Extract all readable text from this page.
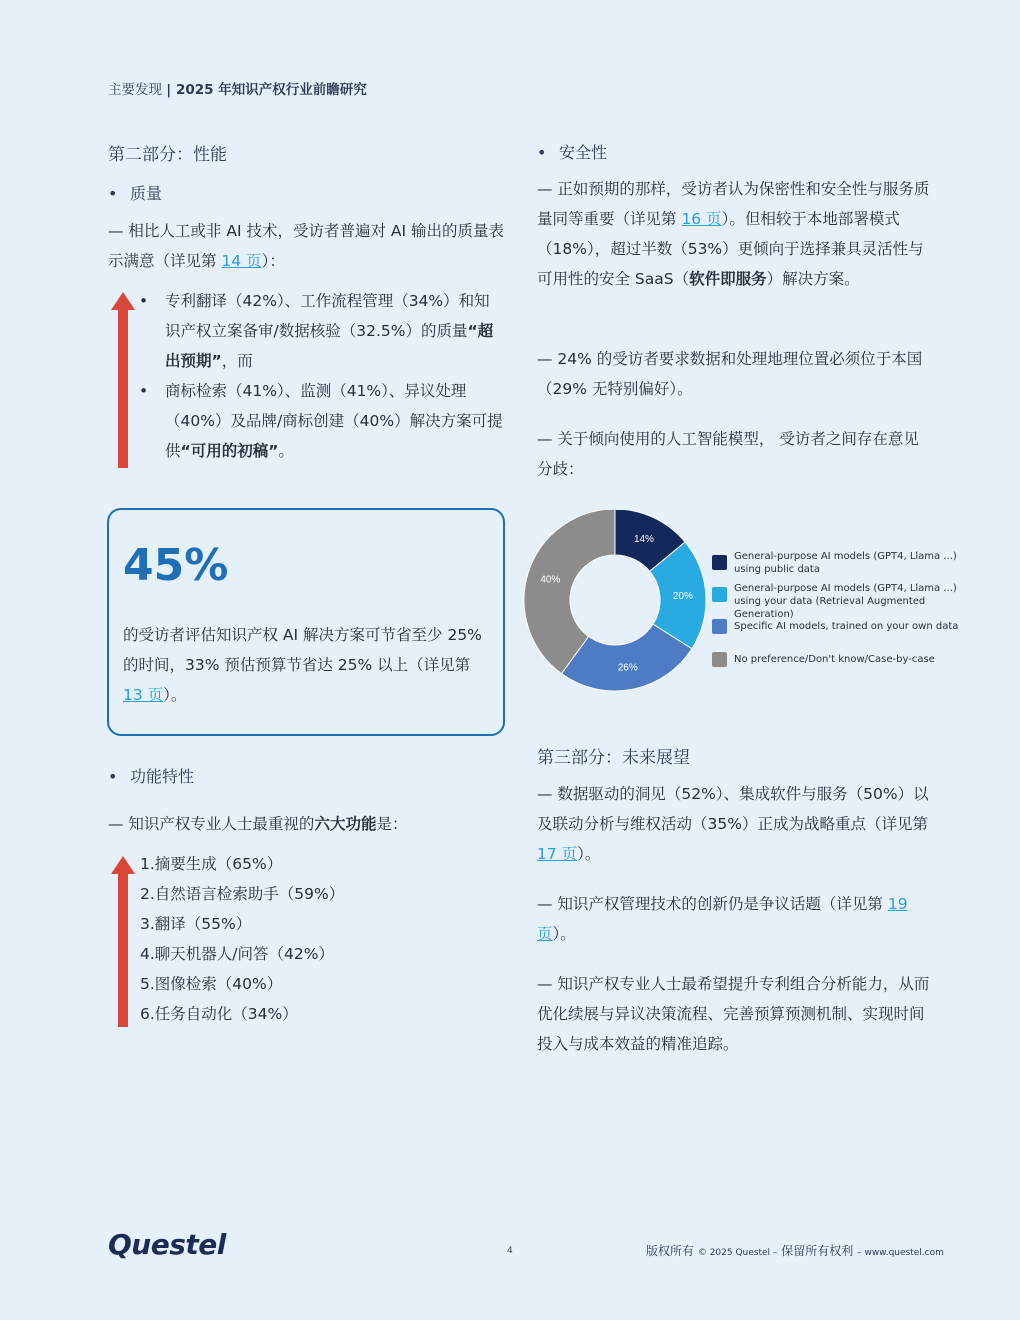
主要发现 | 2025 年知识产权行业前瞻研究
第二部分：性能
• 质量
— 相比人工或非 AI 技术，受访者普遍对 AI 输出的质量表示满意（详见第 14 页）：
• 专利翻译（42%）、工作流程管理（34%）和知识产权立案备审/数据核验（32.5%）的质量“超出预期”，而
• 商标检索（41%）、监测（41%）、异议处理（40%）及品牌/商标创建（40%）解决方案可提供“可用的初稿”。
45%
的受访者评估知识产权 AI 解决方案可节省至少 25% 的时间，33% 预估预算节省达 25% 以上（详见第 13 页）。
• 功能特性
— 知识产权专业人士最重视的六大功能是：
1.摘要生成（65%）
2.自然语言检索助手（59%）
3.翻译（55%）
4.聊天机器人/问答（42%）
5.图像检索（40%）
6.任务自动化（34%）
• 安全性
— 正如预期的那样，受访者认为保密性和安全性与服务质量同等重要（详见第 16 页）。但相较于本地部署模式（18%），超过半数（53%）更倾向于选择兼具灵活性与可用性的安全 SaaS（软件即服务）解决方案。
— 24% 的受访者要求数据和处理地理位置必须位于本国（29% 无特别偏好）。
— 关于倾向使用的人工智能模型， 受访者之间存在意见分歧：
14%
20%
26%
40%
General-purpose AI models (GPT4, Llama ...) using public data
General-purpose AI models (GPT4, Llama ...) using your data (Retrieval Augmented Generation)
Specific AI models, trained on your own data
No preference/Don't know/Case-by-case
第三部分：未来展望
— 数据驱动的洞见（52%）、集成软件与服务（50%）以及联动分析与维权活动（35%）正成为战略重点（详见第 17 页）。
— 知识产权管理技术的创新仍是争议话题（详见第 19 页）。
— 知识产权专业人士最希望提升专利组合分析能力，从而优化续展与异议决策流程、完善预算预测机制、实现时间投入与成本效益的精准追踪。
Questel	4	版权所有 © 2025 Questel – 保留所有权利 – www.questel.com
